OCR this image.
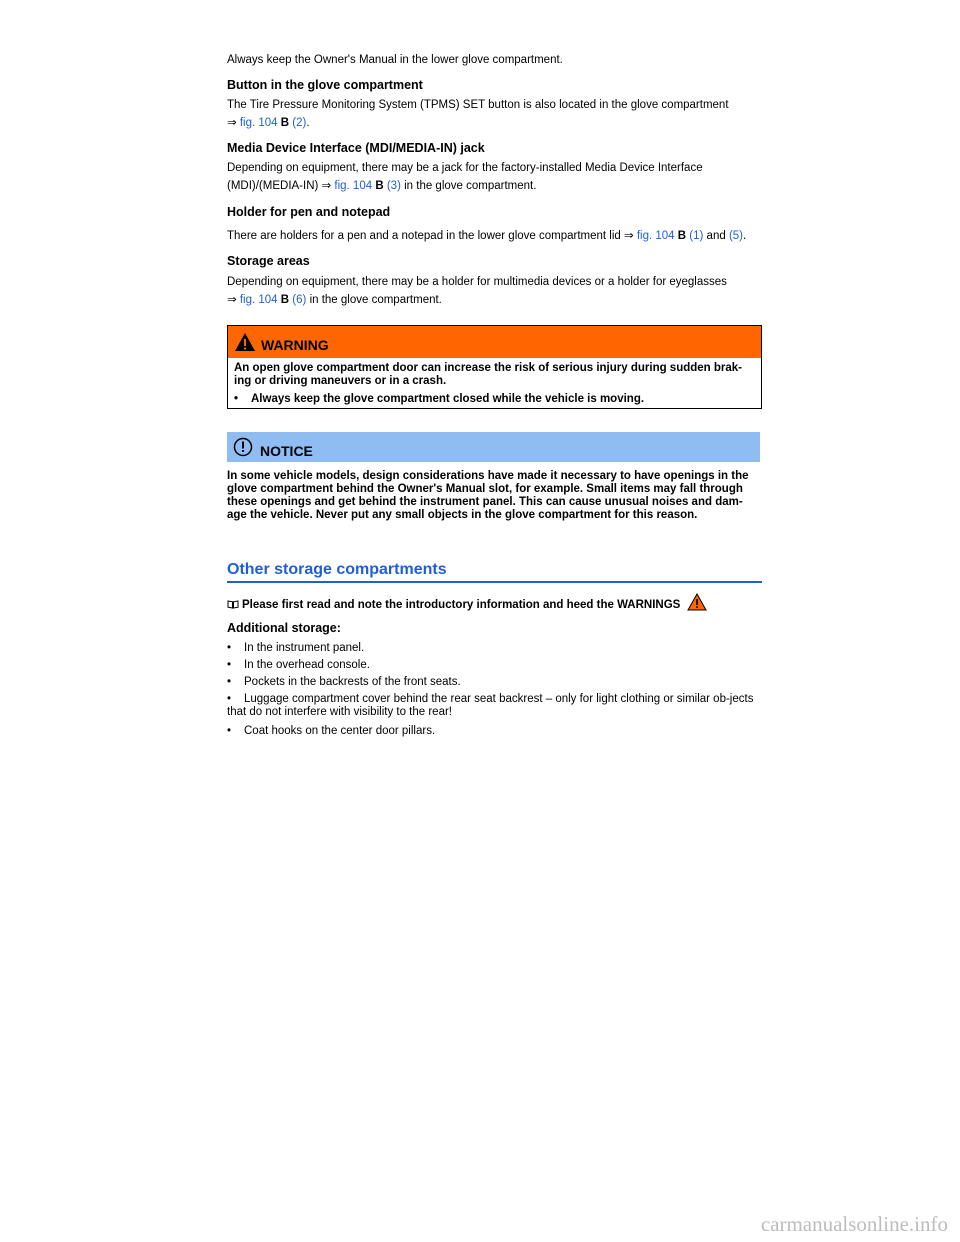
Always keep the Owner's Manual in the lower glove compartment.

Button in the glove compartment

The Tire Pressure Monitoring System (TPMS) SET button is also located in the glove compartment

⇒ fig. 104 B (2).

Media Device Interface (MDI/MEDIA-IN) jack

Depending on equipment, there may be a jack for the factory-installed Media Device Interface

(MDI)/(MEDIA-IN) ⇒ fig. 104 B (3) in the glove compartment.

Holder for pen and notepad

There are holders for a pen and a notepad in the lower glove compartment lid ⇒ fig. 104 B (1) and (5).

Storage areas

Depending on equipment, there may be a holder for multimedia devices or a holder for eyeglasses

⇒ fig. 104 B (6) in the glove compartment.

WARNING

An open glove compartment door can increase the risk of serious injury during sudden brak-ing or driving maneuvers or in a crash.

• Always keep the glove compartment closed while the vehicle is moving.

NOTICE

In some vehicle models, design considerations have made it necessary to have openings in the glove compartment behind the Owner's Manual slot, for example. Small items may fall through these openings and get behind the instrument panel. This can cause unusual noises and dam-age the vehicle. Never put any small objects in the glove compartment for this reason.

Other storage compartments

Please first read and note the introductory information and heed the WARNINGS

Additional storage:

• In the instrument panel.

• In the overhead console.

• Pockets in the backrests of the front seats.

• Luggage compartment cover behind the rear seat backrest – only for light clothing or similar ob-jects that do not interfere with visibility to the rear!

• Coat hooks on the center door pillars.

carmanualsonline.info
